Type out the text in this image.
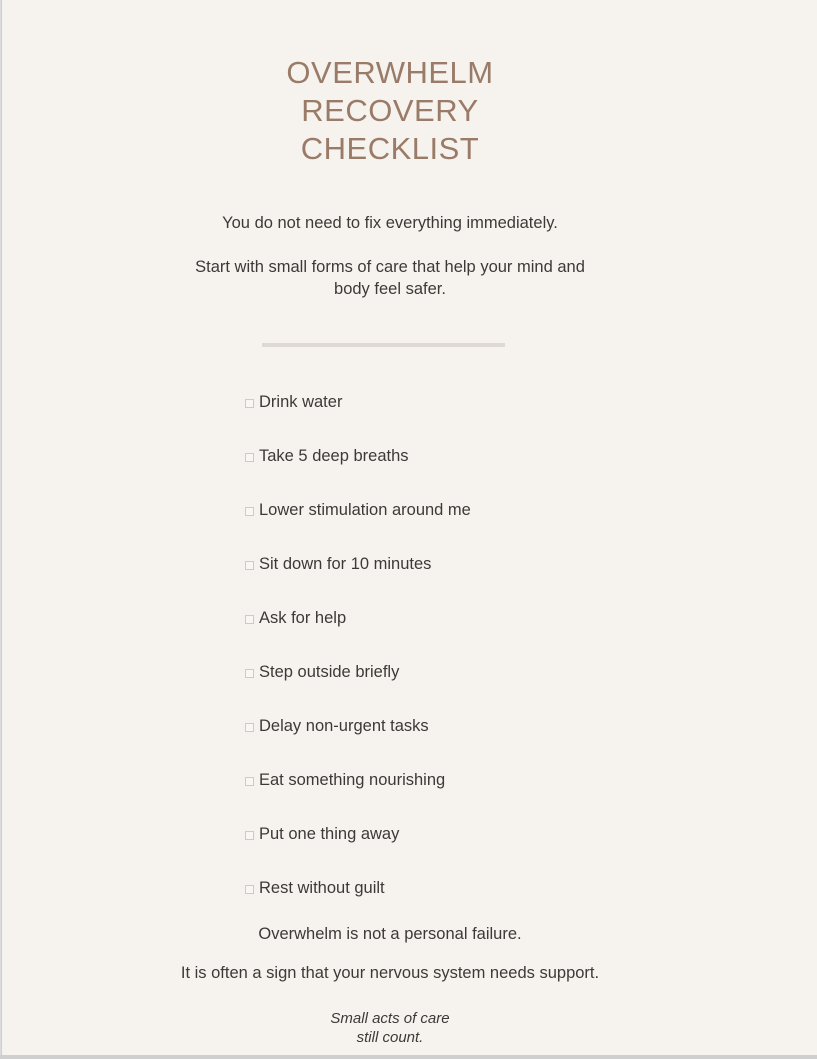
OVERWHELM
RECOVERY
CHECKLIST
You do not need to fix everything immediately.
Start with small forms of care that help your mind and body feel safer.
Drink water
Take 5 deep breaths
Lower stimulation around me
Sit down for 10 minutes
Ask for help
Step outside briefly
Delay non-urgent tasks
Eat something nourishing
Put one thing away
Rest without guilt
Overwhelm is not a personal failure.
It is often a sign that your nervous system needs support.
Small acts of care
still count.
